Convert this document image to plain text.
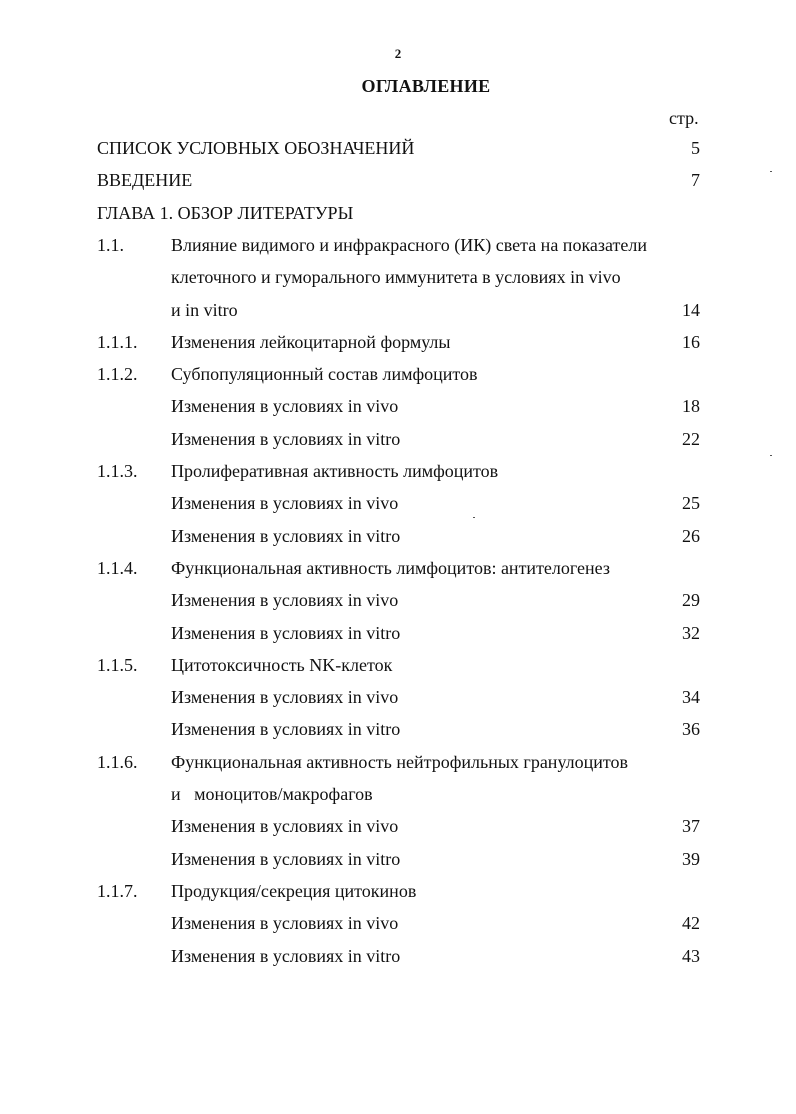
2
ОГЛАВЛЕНИЕ
стр.
СПИСОК УСЛОВНЫХ ОБОЗНАЧЕНИЙ	5
ВВЕДЕНИЕ	7
ГЛАВА 1. ОБЗОР ЛИТЕРАТУРЫ
1.1.	Влияние видимого и инфракрасного (ИК) света на показатели
клеточного и гуморального иммунитета в условиях in vivo
и in vitro	14
1.1.1. Изменения лейкоцитарной формулы	16
1.1.2. Субпопуляционный состав лимфоцитов
Изменения в условиях in vivo	18
Изменения в условиях in vitro	22
1.1.3. Пролиферативная активность лимфоцитов
Изменения в условиях in vivo	25
Изменения в условиях in vitro	26
1.1.4. Функциональная активность лимфоцитов: антителогенез
Изменения в условиях in vivo	29
Изменения в условиях in vitro	32
1.1.5. Цитотоксичность NK-клеток
Изменения в условиях in vivo	34
Изменения в условиях in vitro	36
1.1.6. Функциональная активность нейтрофильных гранулоцитов
и   моноцитов/макрофагов
Изменения в условиях in vivo	37
Изменения в условиях in vitro	39
1.1.7. Продукция/секреция цитокинов
Изменения в условиях in vivo	42
Изменения в условиях in vitro	43
